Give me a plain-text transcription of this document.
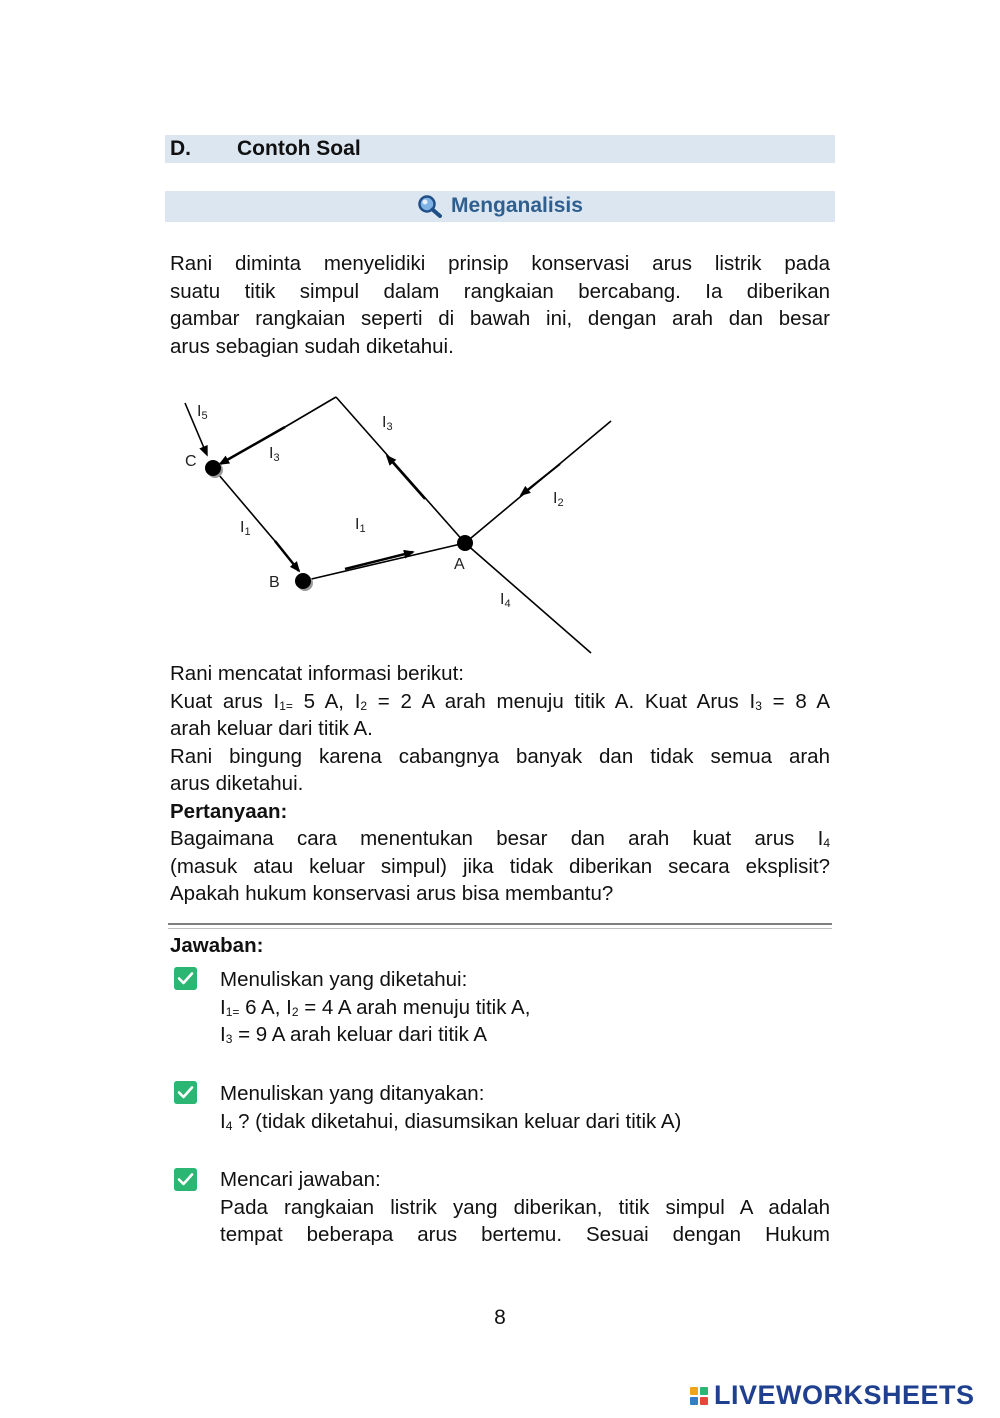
D. Contoh Soal
Menganalisis
Rani diminta menyelidiki prinsip konservasi arus listrik pada
suatu titik simpul dalam rangkaian bercabang. Ia diberikan
gambar rangkaian seperti di bawah ini, dengan arah dan besar
arus sebagian sudah diketahui.
C
B
A
I5	I3
I3
I2
I1	I1
I4
Rani mencatat informasi berikut:
Kuat arus $I_{1=}$ 5 A, $I_2 = 2$ A arah menuju titik A. Kuat Arus $I_3 = 8$ A
arah keluar dari titik A.
Rani bingung karena cabangnya banyak dan tidak semua arah
arus diketahui.
Pertanyaan:
Bagaimana cara menentukan besar dan arah kuat arus $I_4$
(masuk atau keluar simpul) jika tidak diberikan secara eksplisit?
Apakah hukum konservasi arus bisa membantu?
Jawaban:
Menuliskan yang diketahui:
$I_{1=}$ 6 A, $I_2 = 4$ A arah menuju titik A,
$I_3 = 9$ A arah keluar dari titik A
Menuliskan yang ditanyakan:
$I_4$ ? (tidak diketahui, diasumsikan keluar dari titik A)
Mencari jawaban:
Pada rangkaian listrik yang diberikan, titik simpul A adalah
tempat beberapa arus bertemu. Sesuai dengan Hukum
8
LIVEWORKSHEETS
